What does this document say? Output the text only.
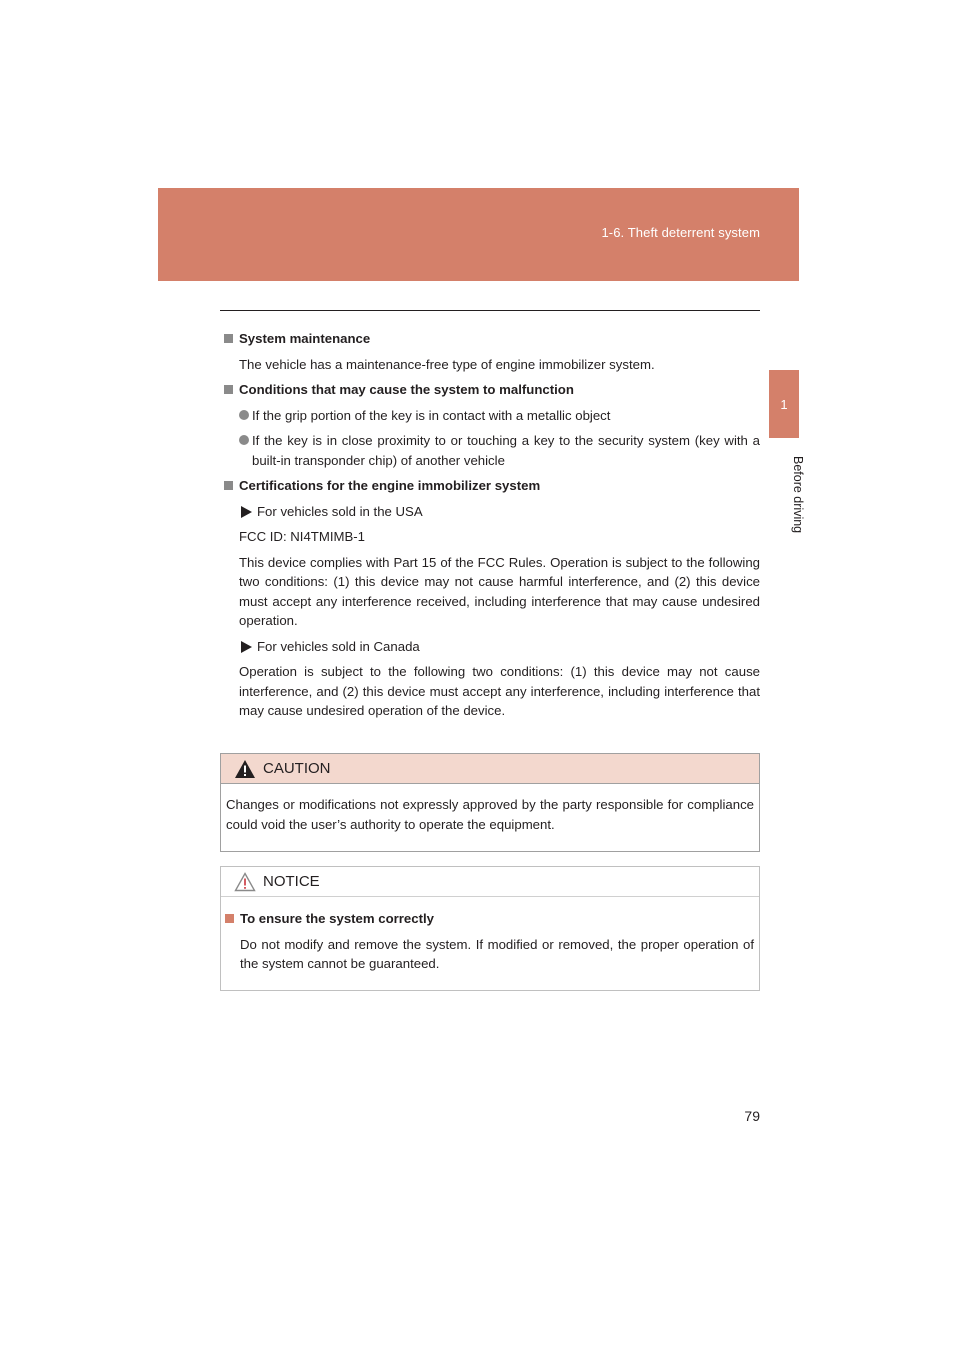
1-6. Theft deterrent system
1
Before driving

System maintenance

The vehicle has a maintenance-free type of engine immobilizer system.

Conditions that may cause the system to malfunction

If the grip portion of the key is in contact with a metallic object
If the key is in close proximity to or touching a key to the security system (key with a built-in transponder chip) of another vehicle

Certifications for the engine immobilizer system

For vehicles sold in the USA

FCC ID: NI4TMIMB-1

This device complies with Part 15 of the FCC Rules. Operation is subject to the following two conditions: (1) this device may not cause harmful interference, and (2) this device must accept any interference received, including interference that may cause undesired operation.

For vehicles sold in Canada

Operation is subject to the following two conditions: (1) this device may not cause interference, and (2) this device must accept any interference, including interference that may cause undesired operation of the device.

CAUTION
Changes or modifications not expressly approved by the party responsible for compliance could void the user’s authority to operate the equipment.
NOTICE

To ensure the system correctly

Do not modify and remove the system. If modified or removed, the proper operation of the system cannot be guaranteed.

79
